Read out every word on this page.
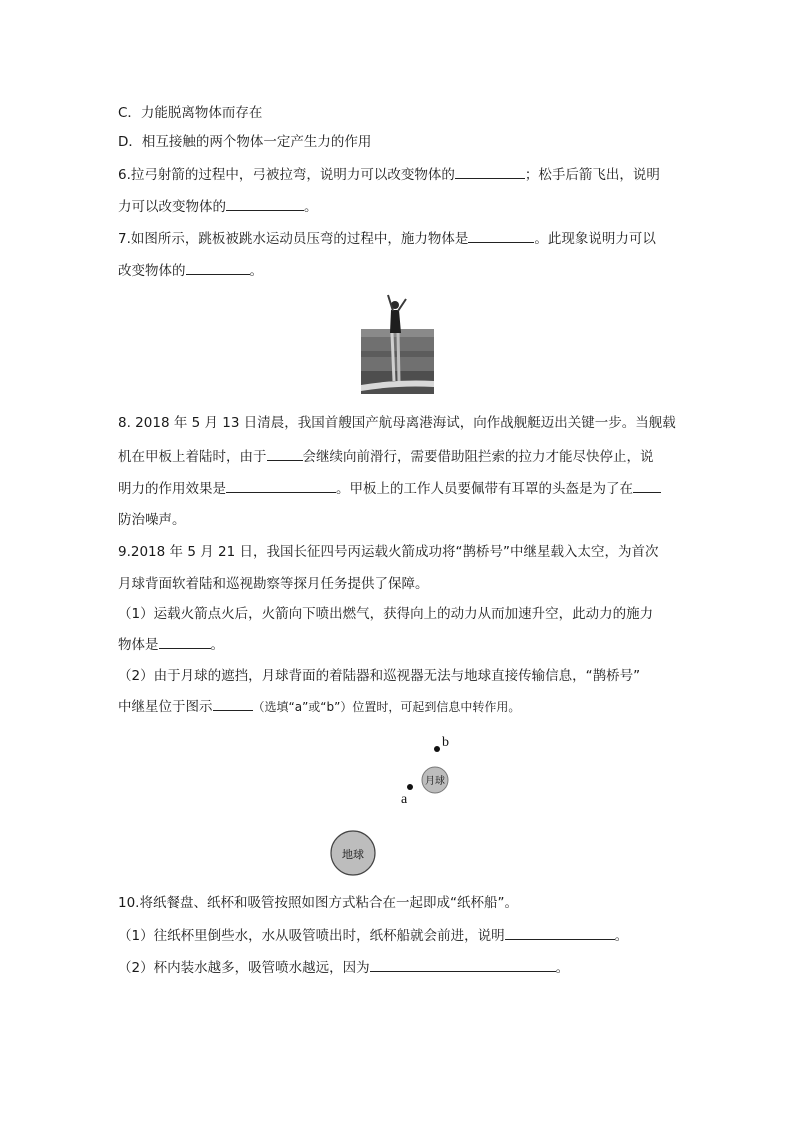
C．力能脱离物体而存在
D．相互接触的两个物体一定产生力的作用
6.拉弓射箭的过程中，弓被拉弯，说明力可以改变物体的	；松手后箭飞出，说明
力可以改变物体的	。
7.如图所示，跳板被跳水运动员压弯的过程中，施力物体是	。此现象说明力可以
改变物体的	。
8. 2018 年 5 月 13 日清晨，我国首艘国产航母离港海试，向作战舰艇迈出关键一步。当舰载
机在甲板上着陆时，由于	会继续向前滑行，需要借助阻拦索的拉力才能尽快停止，说
明力的作用效果是	。甲板上的工作人员要佩带有耳罩的头盔是为了在
防治噪声。
9.2018 年 5 月 21 日，我国长征四号丙运载火箭成功将“鹊桥号”中继星载入太空，为首次
月球背面软着陆和巡视勘察等探月任务提供了保障。
（1）运载火箭点火后，火箭向下喷出燃气，获得向上的动力从而加速升空，此动力的施力
物体是	。
（2）由于月球的遮挡，月球背面的着陆器和巡视器无法与地球直接传输信息，“鹊桥号”
中继星位于图示	（选填“a”或“b”）位置时，可起到信息中转作用。
b
月球
a
地球
10.将纸餐盘、纸杯和吸管按照如图方式粘合在一起即成“纸杯船”。
（1）往纸杯里倒些水，水从吸管喷出时，纸杯船就会前进，说明	。
（2）杯内装水越多，吸管喷水越远，因为	。
